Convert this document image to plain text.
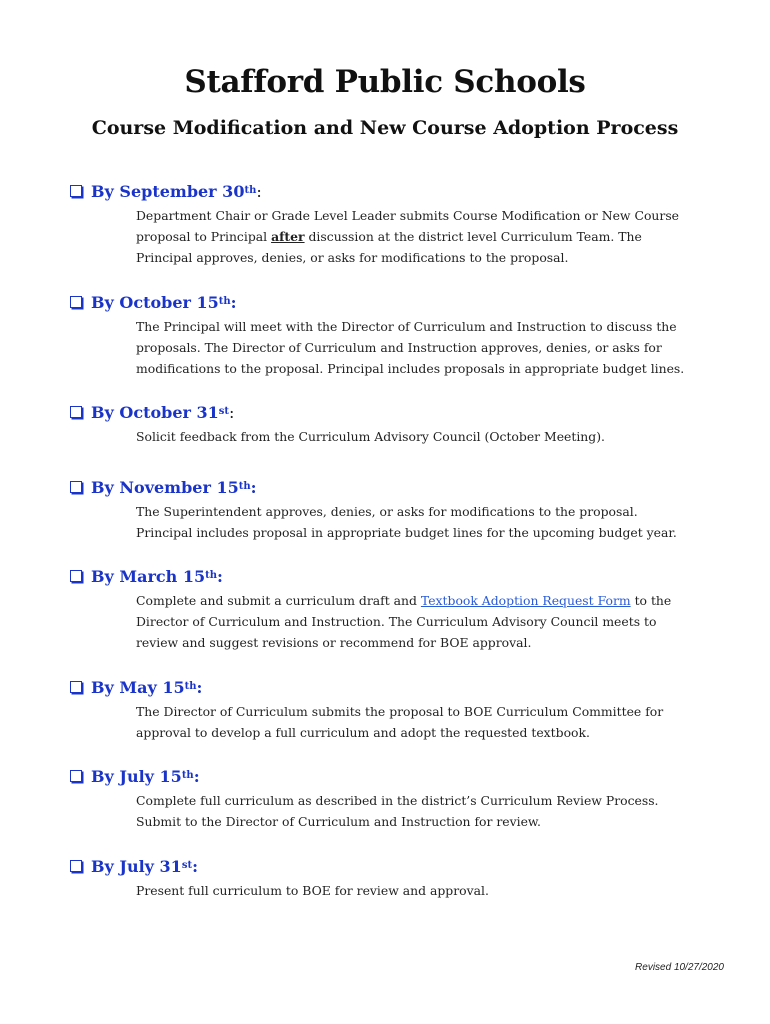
Stafford Public Schools
Course Modification and New Course Adoption Process
By September 30 th :
Department Chair or Grade Level Leader submits Course Modification or New Course proposal to Principal after discussion at the district level Curriculum Team. The Principal approves, denies, or asks for modifications to the proposal.
By October 15 th :
The Principal will meet with the Director of Curriculum and Instruction to discuss the proposals. The Director of Curriculum and Instruction approves, denies, or asks for modifications to the proposal. Principal includes proposals in appropriate budget lines.
By October 31 st :
Solicit feedback from the Curriculum Advisory Council (October Meeting).
By November 15 th :
The Superintendent approves, denies, or asks for modifications to the proposal. Principal includes proposal in appropriate budget lines for the upcoming budget year.
By March 15 th :
Complete and submit a curriculum draft and Textbook Adoption Request Form to the Director of Curriculum and Instruction. The Curriculum Advisory Council meets to review and suggest revisions or recommend for BOE approval.
By May 15 th :
The Director of Curriculum submits the proposal to BOE Curriculum Committee for approval to develop a full curriculum and adopt the requested textbook.
By July 15 th :
Complete full curriculum as described in the district’s Curriculum Review Process. Submit to the Director of Curriculum and Instruction for review.
By July 31 st :
Present full curriculum to BOE for review and approval.
Revised 10/27/2020
